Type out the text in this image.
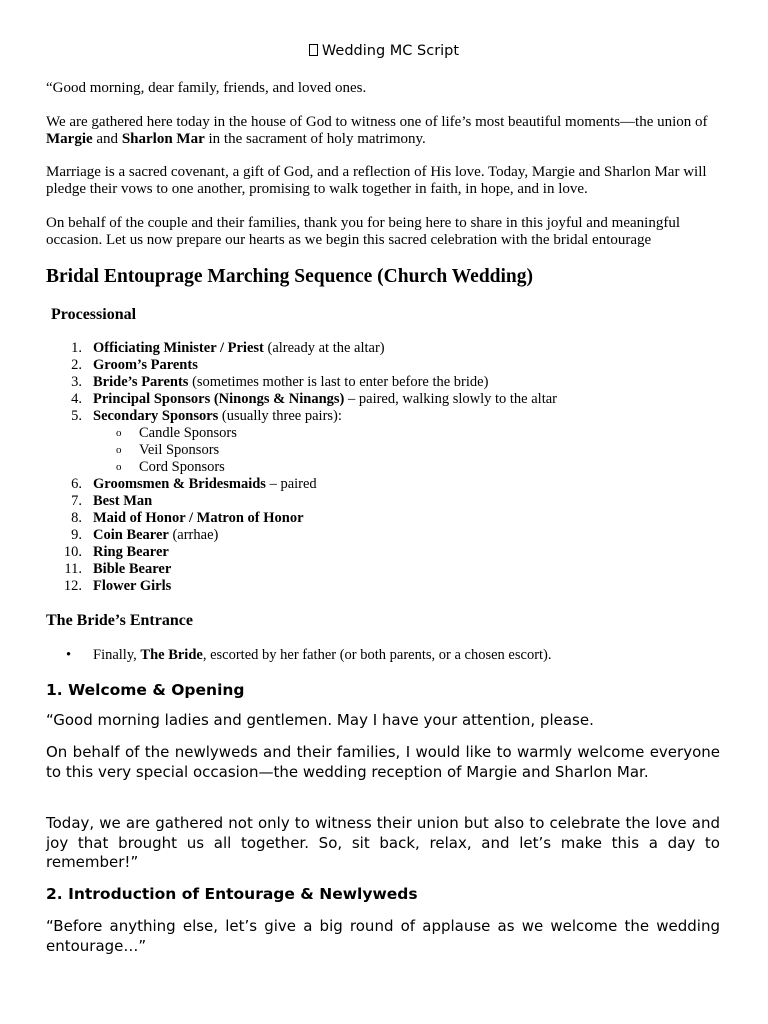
Wedding MC Script

“Good morning, dear family, friends, and loved ones.

We are gathered here today in the house of God to witness one of life’s most beautiful moments—the union of Margie and Sharlon Mar in the sacrament of holy matrimony.

Marriage is a sacred covenant, a gift of God, and a reflection of His love. Today, Margie and Sharlon Mar will pledge their vows to one another, promising to walk together in faith, in hope, and in love.

On behalf of the couple and their families, thank you for being here to share in this joyful and meaningful occasion. Let us now prepare our hearts as we begin this sacred celebration with the bridal entourage

Bridal Entouprage Marching Sequence (Church Wedding)
Processional
1. Officiating Minister / Priest (already at the altar)
2. Groom’s Parents
3. Bride’s Parents (sometimes mother is last to enter before the bride)
4. Principal Sponsors (Ninongs & Ninangs) – paired, walking slowly to the altar
5. Secondary Sponsors (usually three pairs):
o Candle Sponsors
o Veil Sponsors
o Cord Sponsors
6. Groomsmen & Bridesmaids – paired
7. Best Man
8. Maid of Honor / Matron of Honor
9. Coin Bearer (arrhae)
10. Ring Bearer
11. Bible Bearer
12. Flower Girls
The Bride’s Entrance
• Finally, The Bride, escorted by her father (or both parents, or a chosen escort).
1. Welcome & Opening

“Good morning ladies and gentlemen. May I have your attention, please.

On behalf of the newlyweds and their families, I would like to warmly welcome everyone to this very special occasion—the wedding reception of Margie and Sharlon Mar.

Today, we are gathered not only to witness their union but also to celebrate the love and joy that brought us all together. So, sit back, relax, and let’s make this a day to remember!”

2. Introduction of Entourage & Newlyweds

“Before anything else, let’s give a big round of applause as we welcome the wedding entourage…”
